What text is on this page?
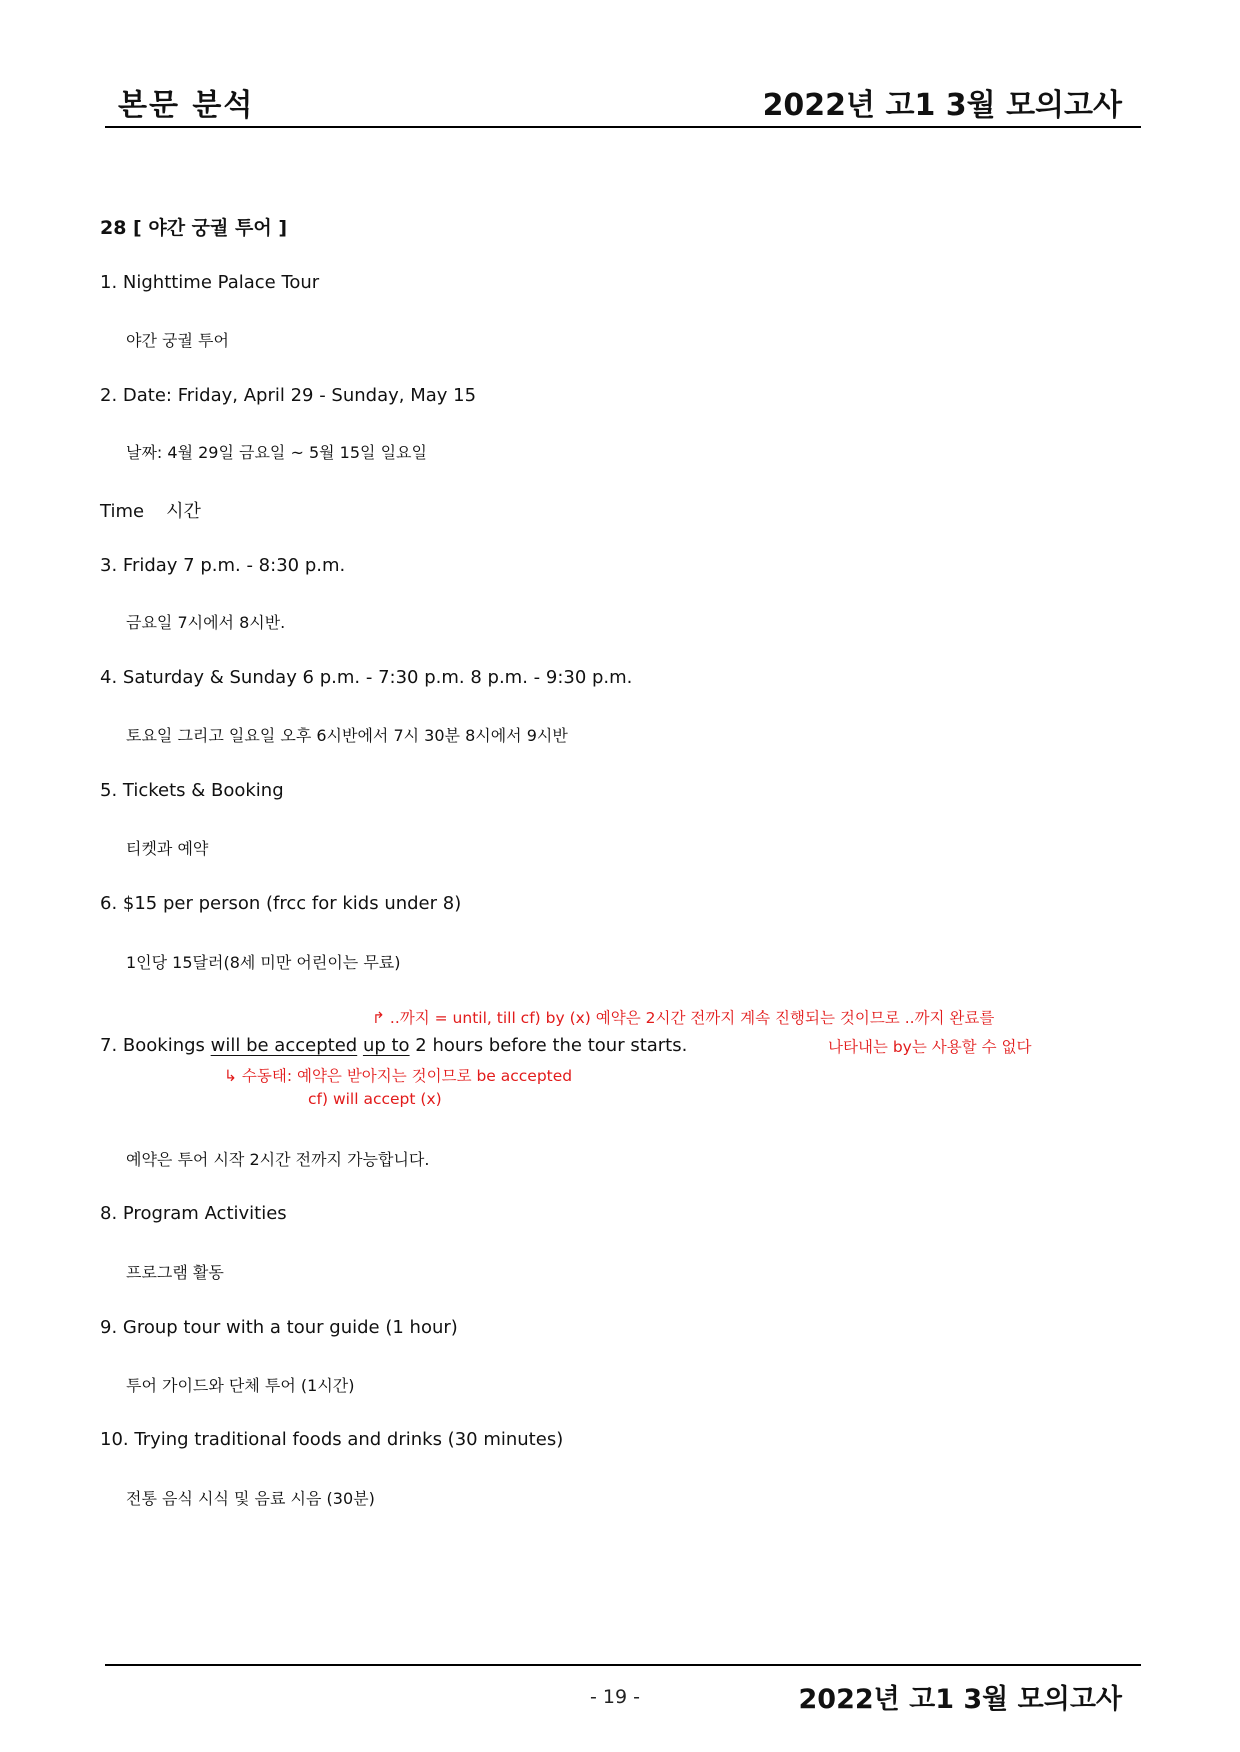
본문 분석	2022년 고1 3월 모의고사
28 [ 야간 궁궐 투어 ]
1. Nighttime Palace Tour
야간 궁궐 투어
2. Date: Friday, April 29 - Sunday, May 15
날짜: 4월 29일 금요일 ~ 5월 15일 일요일
Time 시간
3. Friday 7 p.m. - 8:30 p.m.
금요일 7시에서 8시반.
4. Saturday & Sunday 6 p.m. - 7:30 p.m. 8 p.m. - 9:30 p.m.
토요일 그리고 일요일 오후 6시반에서 7시 30분 8시에서 9시반
5. Tickets & Booking
티켓과 예약
6. $15 per person (frcc for kids under 8)
1인당 15달러(8세 미만 어린이는 무료)
↱ ..까지 = until, till cf) by (x) 예약은 2시간 전까지 계속 진행되는 것이므로 ..까지 완료를
7. Bookings will be accepted up to 2 hours before the tour starts.	나타내는 by는 사용할 수 없다
↳ 수동태: 예약은 받아지는 것이므로 be accepted
cf) will accept (x)
예약은 투어 시작 2시간 전까지 가능합니다.
8. Program Activities
프로그램 활동
9. Group tour with a tour guide (1 hour)
투어 가이드와 단체 투어 (1시간)
10. Trying traditional foods and drinks (30 minutes)
전통 음식 시식 및 음료 시음 (30분)
- 19 -	2022년 고1 3월 모의고사
